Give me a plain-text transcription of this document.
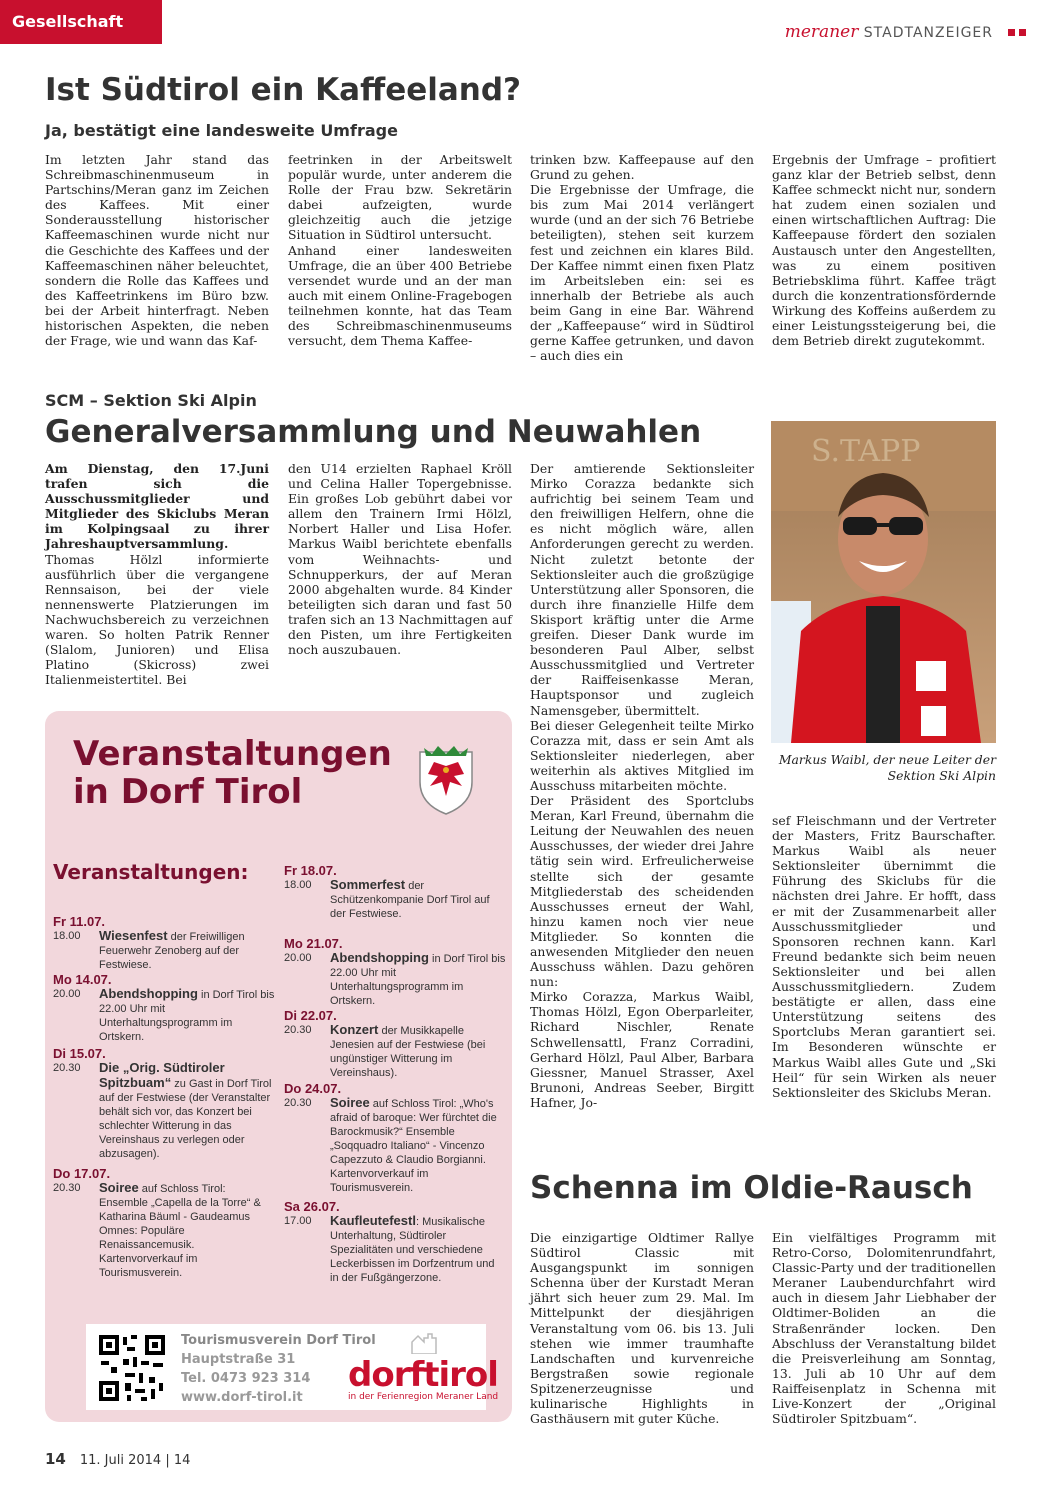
Gesellschaft
meraner STADTANZEIGER
Ist Südtirol ein Kaffeeland?
Ja, bestätigt eine landesweite Umfrage

Im letzten Jahr stand das Schreibmaschinenmuseum in Partschins/Meran ganz im Zeichen des Kaffees. Mit einer Sonderausstellung historischer Kaffeemaschinen wurde nicht nur die Geschichte des Kaffees und der Kaffeemaschinen näher beleuchtet, sondern die Rolle das Kaffees und des Kaffeetrinkens im Büro bzw. bei der Arbeit hinterfragt. Neben historischen Aspekten, die neben der Frage, wie und wann das Kaf-

feetrinken in der Arbeitswelt populär wurde, unter anderem die Rolle der Frau bzw. Sekretärin dabei aufzeigten, wurde gleichzeitig auch die jetzige Situation in Südtirol untersucht.

Anhand einer landesweiten Umfrage, die an über 400 Betriebe versendet wurde und an der man auch mit einem Online-Fragebogen teilnehmen konnte, hat das Team des Schreibmaschinenmuseums versucht, dem Thema Kaffee-

trinken bzw. Kaffeepause auf den Grund zu gehen.

Die Ergebnisse der Umfrage, die bis zum Mai 2014 verlängert wurde (und an der sich 76 Betriebe beteiligten), stehen seit kurzem fest und zeichnen ein klares Bild. Der Kaffee nimmt einen fixen Platz im Arbeitsleben ein: sei es innerhalb der Betriebe als auch beim Gang in eine Bar. Während der „Kaffeepause“ wird in Südtirol gerne Kaffee getrunken, und davon – auch dies ein

Ergebnis der Umfrage – profitiert ganz klar der Betrieb selbst, denn Kaffee schmeckt nicht nur, sondern hat zudem einen sozialen und einen wirtschaftlichen Auftrag: Die Kaffeepause fördert den sozialen Austausch unter den Angestellten, was zu einem positiven Betriebsklima führt. Kaffee trägt durch die konzentrationsfördernde Wirkung des Koffeins außerdem zu einer Leistungssteigerung bei, die dem Betrieb direkt zugutekommt.

SCM – Sektion Ski Alpin
Generalversammlung und Neuwahlen

Am Dienstag, den 17.Juni trafen sich die Ausschussmitglieder und Mitglieder des Skiclubs Meran im Kolpingsaal zu ihrer Jahreshauptversammlung.

Thomas Hölzl informierte ausführlich über die vergangene Rennsaison, bei der viele nennenswerte Platzierungen im Nachwuchsbereich zu verzeichnen waren. So holten Patrik Renner (Slalom, Junioren) und Elisa Platino (Skicross) zwei Italienmeistertitel. Bei

den U14 erzielten Raphael Kröll und Celina Haller Topergebnisse. Ein großes Lob gebührt dabei vor allem den Trainern Irmi Hölzl, Norbert Haller und Lisa Hofer. Markus Waibl berichtete ebenfalls vom Weihnachts- und Schnupperkurs, der auf Meran 2000 abgehalten wurde. 84 Kinder beteiligten sich daran und fast 50 trafen sich an 13 Nachmittagen auf den Pisten, um ihre Fertigkeiten noch auszubauen.

Der amtierende Sektionsleiter Mirko Corazza bedankte sich aufrichtig bei seinem Team und den freiwilligen Helfern, ohne die es nicht möglich wäre, allen Anforderungen gerecht zu werden. Nicht zuletzt betonte der Sektionsleiter auch die großzügige Unterstützung aller Sponsoren, die durch ihre finanzielle Hilfe dem Skisport kräftig unter die Arme greifen. Dieser Dank wurde im besonderen Paul Alber, selbst Ausschussmitglied und Vertreter der Raiffeisenkasse Meran, Hauptsponsor und zugleich Namensgeber, übermittelt.

Bei dieser Gelegenheit teilte Mirko Corazza mit, dass er sein Amt als Sektionsleiter niederlegen, aber weiterhin als aktives Mitglied im Ausschuss mitarbeiten möchte.

Der Präsident des Sportclubs Meran, Karl Freund, übernahm die Leitung der Neuwahlen des neuen Ausschusses, der wieder drei Jahre tätig sein wird. Erfreulicherweise stellte sich der gesamte Mitgliederstab des scheidenden Ausschusses erneut der Wahl, hinzu kamen noch vier neue Mitglieder. So konnten die anwesenden Mitglieder den neuen Ausschuss wählen. Dazu gehören nun:

Mirko Corazza, Markus Waibl, Thomas Hölzl, Egon Oberparleiter, Richard Nischler, Renate Schwellensattl, Franz Corradini, Gerhard Hölzl, Paul Alber, Barbara Giessner, Manuel Strasser, Axel Brunoni, Andreas Seeber, Birgitt Hafner, Jo-

sef Fleischmann und der Vertreter der Masters, Fritz Baurschafter. Markus Waibl als neuer Sektionsleiter übernimmt die Führung des Skiclubs für die nächsten drei Jahre. Er hofft, dass er mit der Zusammenarbeit aller Ausschussmitglieder und Sponsoren rechnen kann. Karl Freund bedankte sich beim neuen Sektionsleiter und bei allen Ausschussmitgliedern. Zudem bestätigte er allen, dass eine Unterstützung seitens des Sportclubs Meran garantiert sei. Im Besonderen wünschte er Markus Waibl alles Gute und „Ski Heil“ für sein Wirken als neuer Sektionsleiter des Skiclubs Meran.

S.TAPP
Markus Waibl, der neue Leiter der Sektion Ski Alpin
Veranstaltungen
in Dorf Tirol
Veranstaltungen:
Fr 11.07.
18.00	Wiesenfest der Freiwilligen Feuerwehr Zenoberg auf der Festwiese.
Mo 14.07.
20.00	Abendshopping in Dorf Tirol bis 22.00 Uhr mit Unterhaltungsprogramm im Ortskern.
Di 15.07.
20.30	Die „Orig. Südtiroler Spitzbuam“ zu Gast in Dorf Tirol auf der Festwiese (der Veranstalter behält sich vor, das Konzert bei schlechter Witterung in das Vereinshaus zu verlegen oder abzusagen).
Do 17.07.
20.30	Soiree auf Schloss Tirol: Ensemble „Capella de la Torre“ & Katharina Bäuml - Gaudeamus Omnes: Populäre Renaissancemusik. Kartenvorverkauf im Tourismusverein.
Fr 18.07.
18.00	Sommerfest der Schützenkompanie Dorf Tirol auf der Festwiese.
Mo 21.07.
20.00	Abendshopping in Dorf Tirol bis 22.00 Uhr mit Unterhaltungsprogramm im Ortskern.
Di 22.07.
20.30	Konzert der Musikkapelle Jenesien auf der Festwiese (bei ungünstiger Witterung im Vereinshaus).
Do 24.07.
20.30	Soiree auf Schloss Tirol: „Who's afraid of baroque: Wer fürchtet die Barockmusik?“ Ensemble „Soqquadro Italiano“ - Vincenzo Capezzuto & Claudio Borgianni. Kartenvorverkauf im Tourismusverein.
Sa 26.07.
17.00	Kaufleutefestl: Musikalische Unterhaltung, Südtiroler Spezialitäten und verschiedene Leckerbissen im Dorfzentrum und in der Fußgängerzone.
Tourismusverein Dorf Tirol
Hauptstraße 31
Tel. 0473 923 314
www.dorf-tirol.it
dorftirol
in der Ferienregion Meraner Land
Schenna im Oldie-Rausch

Die einzigartige Oldtimer Rallye Südtirol Classic mit Ausgangspunkt im sonnigen Schenna über der Kurstadt Meran jährt sich heuer zum 29. Mal. Im Mittelpunkt der diesjährigen Veranstaltung vom 06. bis 13. Juli stehen wie immer traumhafte Landschaften und kurvenreiche Bergstraßen sowie regionale Spitzenerzeugnisse und kulinarische Highlights in Gasthäusern mit guter Küche.

Ein vielfältiges Programm mit Retro-Corso, Dolomitenrundfahrt, Classic-Party und der traditionellen Meraner Laubendurchfahrt wird auch in diesem Jahr Liebhaber der Oldtimer-Boliden an die Straßenränder locken. Den Abschluss der Veranstaltung bildet die Preisverleihung am Sonntag, 13. Juli ab 10 Uhr auf dem Raiffeisenplatz in Schenna mit Live-Konzert der „Original Südtiroler Spitzbuam“.

14 11. Juli 2014 | 14
